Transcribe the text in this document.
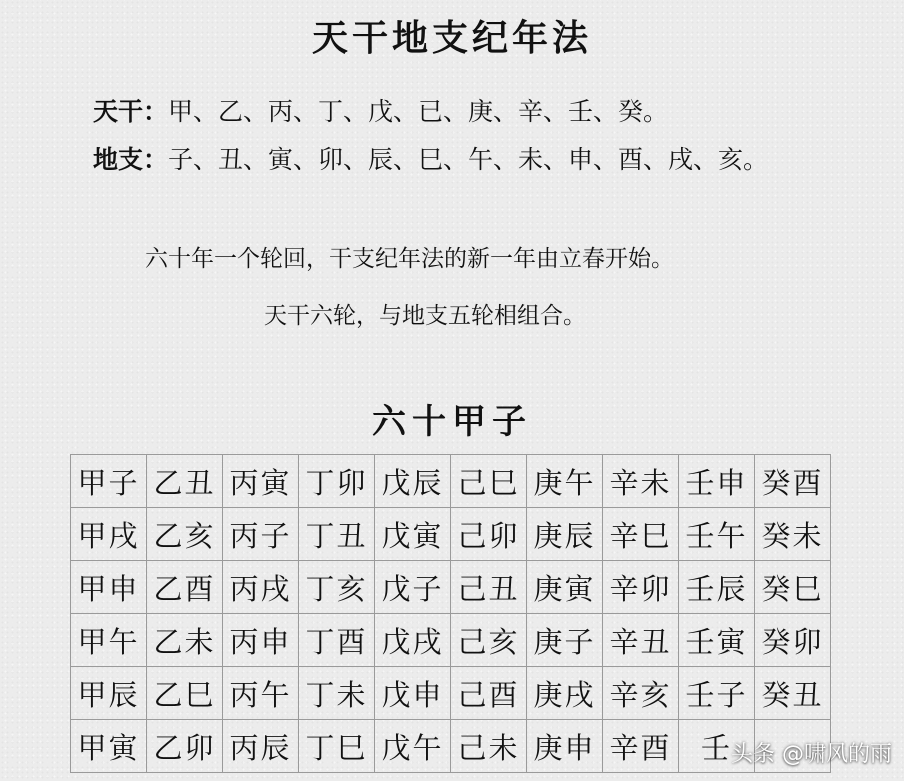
天干地支纪年法
天干：甲、乙、丙、丁、戊、已、庚、辛、壬、癸。
地支：子、丑、寅、卯、辰、巳、午、未、申、酉、戌、亥。
六十年一个轮回，干支纪年法的新一年由立春开始。
天干六轮，与地支五轮相组合。
六十甲子
甲子	乙丑	丙寅	丁卯	戊辰	己巳	庚午	辛未	壬申	癸酉
甲戌	乙亥	丙子	丁丑	戊寅	己卯	庚辰	辛巳	壬午	癸未
甲申	乙酉	丙戌	丁亥	戊子	己丑	庚寅	辛卯	壬辰	癸巳
甲午	乙未	丙申	丁酉	戊戌	己亥	庚子	辛丑	壬寅	癸卯
甲辰	乙巳	丙午	丁未	戊申	己酉	庚戌	辛亥	壬子	癸丑
甲寅	乙卯	丙辰	丁巳	戊午	己未	庚申	辛酉	壬	头条 @啸风的雨
